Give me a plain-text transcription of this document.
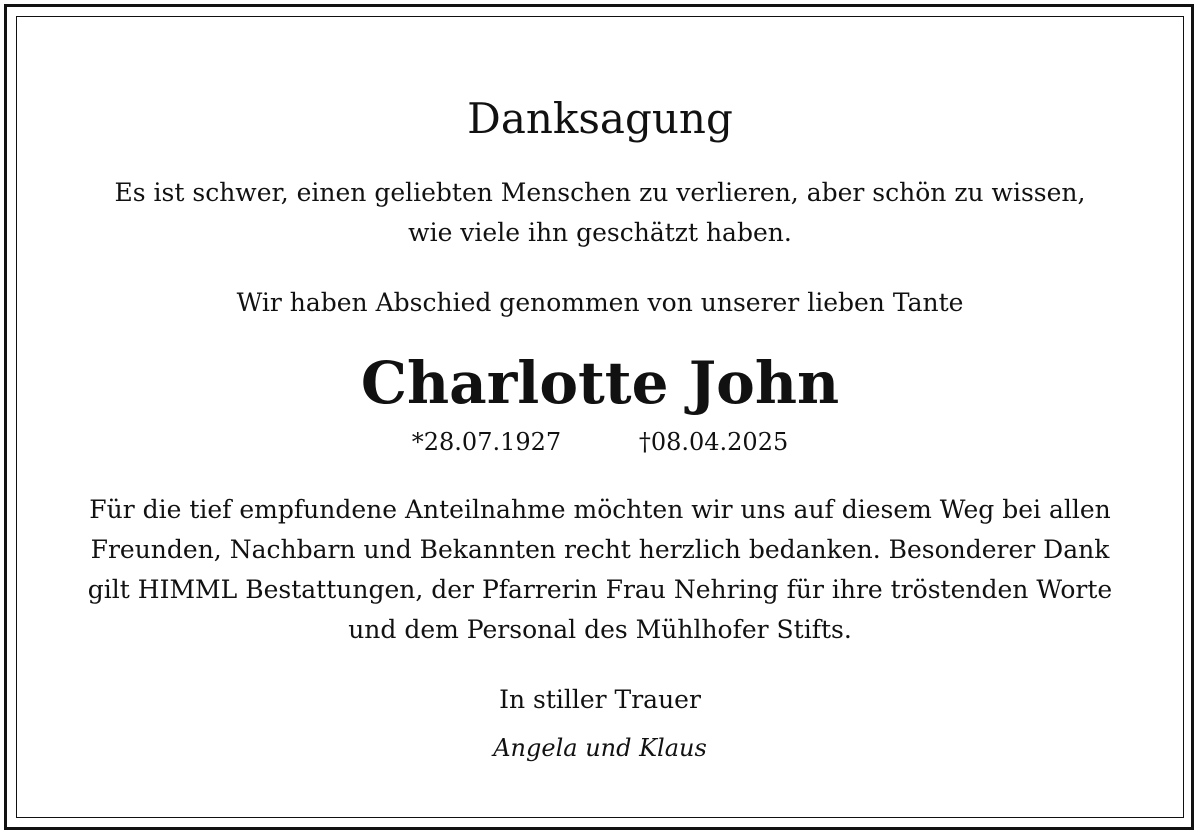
Danksagung
Es ist schwer, einen geliebten Menschen zu verlieren, aber schön zu wissen,
wie viele ihn geschätzt haben.
Wir haben Abschied genommen von unserer lieben Tante
Charlotte John
*28.07.1927	†08.04.2025
Für die tief empfundene Anteilnahme möchten wir uns auf diesem Weg bei allen
Freunden, Nachbarn und Bekannten recht herzlich bedanken. Besonderer Dank
gilt HIMML Bestattungen, der Pfarrerin Frau Nehring für ihre tröstenden Worte
und dem Personal des Mühlhofer Stifts.
In stiller Trauer
Angela und Klaus
